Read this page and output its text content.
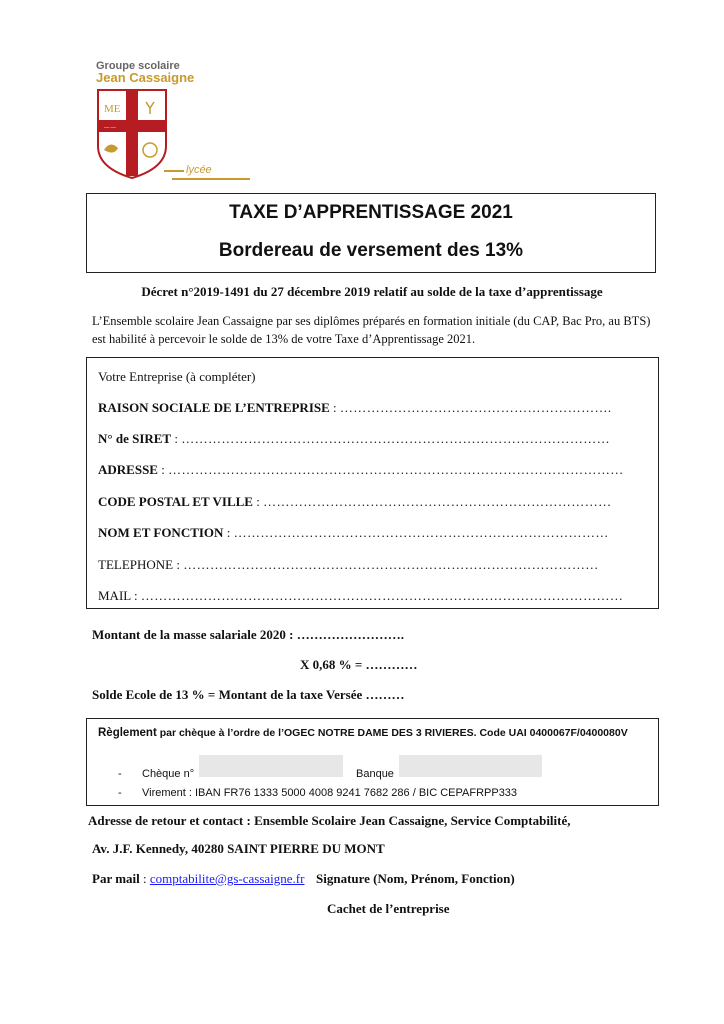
Groupe scolaire
Jean Cassaigne
ME
~~ ~~
lycée
TAXE D’APPRENTISSAGE 2021
Bordereau de versement des 13%
Décret n°2019-1491 du 27 décembre 2019 relatif au solde de la taxe d’apprentissage
L’Ensemble scolaire Jean Cassaigne par ses diplômes préparés en formation initiale (du CAP, Bac Pro, au BTS)
est habilité à percevoir le solde de 13% de votre Taxe d’Apprentissage 2021.
Votre Entreprise (à compléter)
RAISON SOCIALE DE L’ENTREPRISE : …………………………………………………….
N° de SIRET : ……………………………………………………………………………………
ADRESSE : …………………………………………………………………………………………
CODE POSTAL ET VILLE : ……………………………………………………………………
NOM ET FONCTION : …………………………………………………………………………
TELEPHONE : …………………………………………………………………………………
MAIL : ………………………………………………………………………………………………
Montant de la masse salariale 2020 : …………………….
X 0,68 % = …………
Solde Ecole de 13 % = Montant de la taxe Versée ………
Règlement par chèque à l’ordre de l’OGEC NOTRE DAME DES 3 RIVIERES. Code UAI 0400067F/0400080V
- Chèque n°	Banque
- Virement : IBAN FR76 1333 5000 4008 9241 7682 286 / BIC CEPAFRPP333
Adresse de retour et contact : Ensemble Scolaire Jean Cassaigne, Service Comptabilité,
Av. J.F. Kennedy, 40280 SAINT PIERRE DU MONT
Par mail : comptabilite@gs-cassaigne.fr Signature (Nom, Prénom, Fonction)
Cachet de l’entreprise
